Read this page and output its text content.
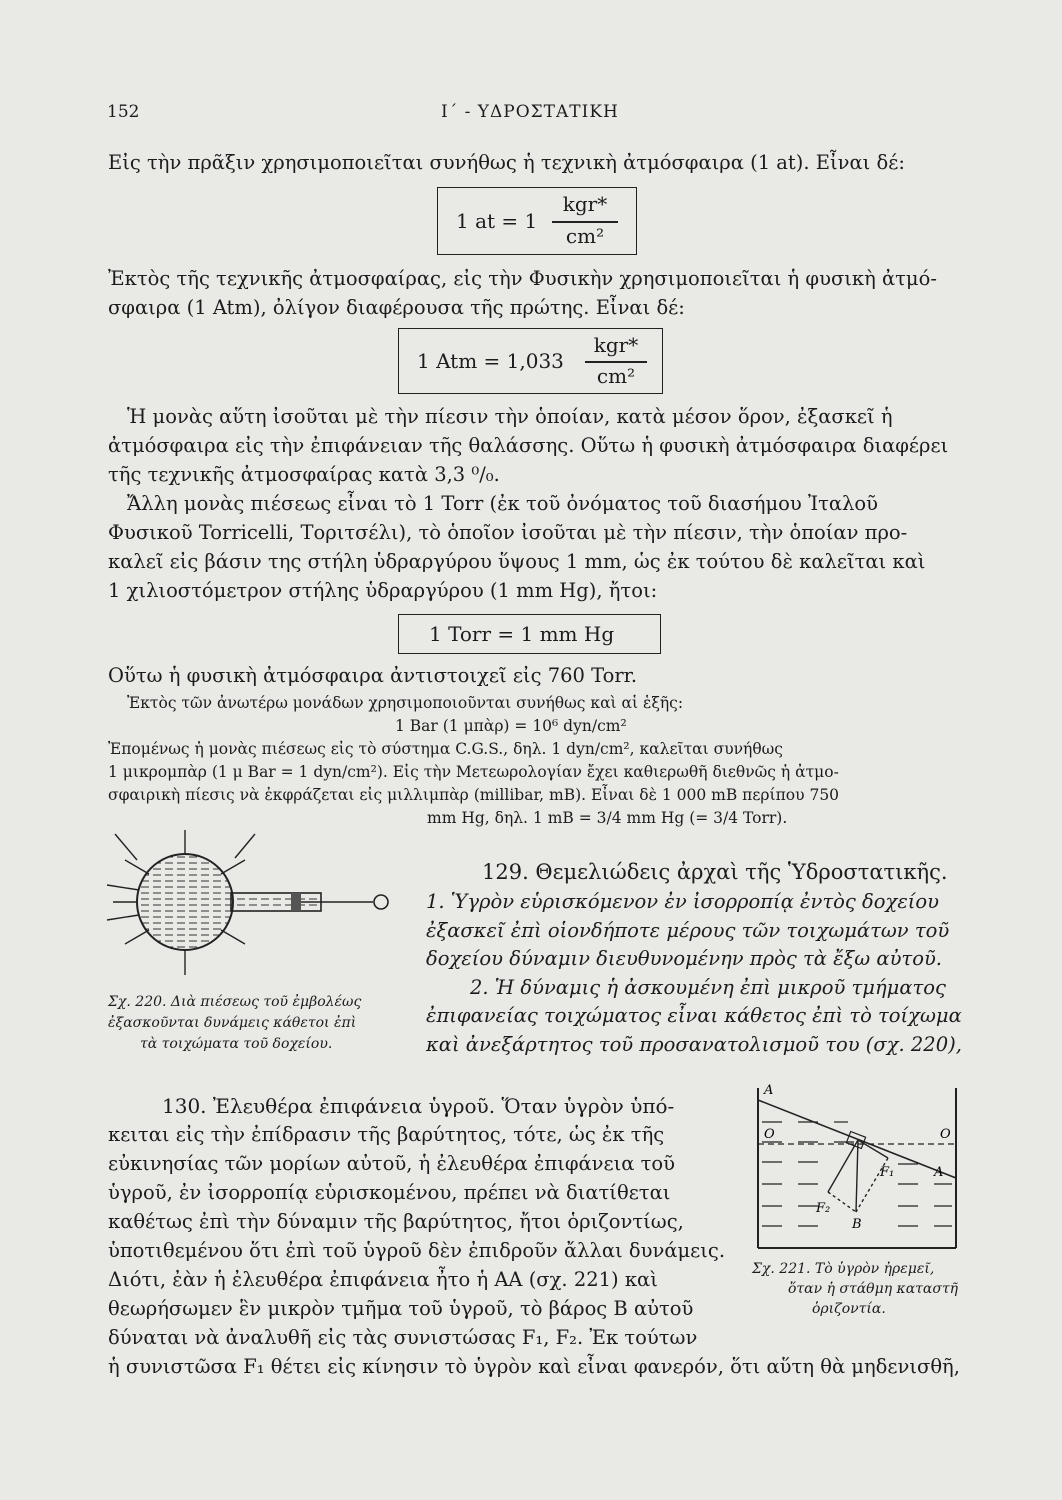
152	Ι΄ - ΥΔΡΟΣΤΑΤΙΚΗ
Εἰς τὴν πρᾶξιν χρησιμοποιεῖται συνήθως ἡ τεχνικὴ ἀτμόσφαιρα (1 at). Εἶναι δέ:
1 at = 1
kgr*
cm²
Ἐκτὸς τῆς τεχνικῆς ἀτμοσφαίρας, εἰς τὴν Φυσικὴν χρησιμοποιεῖται ἡ φυσικὴ ἀτμό-
σφαιρα (1 Atm), ὀλίγον διαφέρουσα τῆς πρώτης. Εἶναι δέ:
1 Atm = 1,033
kgr*
cm²
Ἡ μονὰς αὕτη ἰσοῦται μὲ τὴν πίεσιν τὴν ὁποίαν, κατὰ μέσον ὅρον, ἐξασκεῖ ἡ
ἀτμόσφαιρα εἰς τὴν ἐπιφάνειαν τῆς θαλάσσης. Οὕτω ἡ φυσικὴ ἀτμόσφαιρα διαφέρει
τῆς τεχνικῆς ἀτμοσφαίρας κατὰ 3,3 ⁰/₀.
Ἄλλη μονὰς πιέσεως εἶναι τὸ 1 Torr (ἐκ τοῦ ὀνόματος τοῦ διασήμου Ἰταλοῦ
Φυσικοῦ Torricelli, Τοριτσέλι), τὸ ὁποῖον ἰσοῦται μὲ τὴν πίεσιν, τὴν ὁποίαν προ-
καλεῖ εἰς βάσιν της στήλη ὑδραργύρου ὕψους 1 mm, ὡς ἐκ τούτου δὲ καλεῖται καὶ
1 χιλιοστόμετρον στήλης ὑδραργύρου (1 mm Hg), ἤτοι:
1 Torr = 1 mm Hg
Οὕτω ἡ φυσικὴ ἀτμόσφαιρα ἀντιστοιχεῖ εἰς 760 Torr.
Ἐκτὸς τῶν ἀνωτέρω μονάδων χρησιμοποιοῦνται συνήθως καὶ αἱ ἑξῆς:
1 Bar (1 μπὰρ) = 10⁶ dyn/cm²
Ἐπομένως ἡ μονὰς πιέσεως εἰς τὸ σύστημα C.G.S., δηλ. 1 dyn/cm², καλεῖται συνήθως
1 μικρομπὰρ (1 μ Bar = 1 dyn/cm²). Εἰς τὴν Μετεωρολογίαν ἔχει καθιερωθῆ διεθνῶς ἡ ἀτμο-
σφαιρικὴ πίεσις νὰ ἐκφράζεται εἰς μιλλιμπὰρ (millibar, mB). Εἶναι δὲ 1 000 mB περίπου 750
mm Hg, δηλ. 1 mB = 3/4 mm Hg (= 3/4 Torr).
Σχ. 220. Διὰ πιέσεως τοῦ ἐμβολέως
ἐξασκοῦνται δυνάμεις κάθετοι ἐπὶ
τὰ τοιχώματα τοῦ δοχείου.
129. Θεμελιώδεις ἀρχαὶ τῆς Ὑδροστατικῆς.
1. Ὑγρὸν εὑρισκόμενον ἐν ἰσορροπίᾳ ἐντὸς δοχείου
ἐξασκεῖ ἐπὶ οἱονδήποτε μέρους τῶν τοιχωμάτων τοῦ
δοχείου δύναμιν διευθυνομένην πρὸς τὰ ἔξω αὐτοῦ.
2. Ἡ δύναμις ἡ ἀσκουμένη ἐπὶ μικροῦ τμήματος
ἐπιφανείας τοιχώματος εἶναι κάθετος ἐπὶ τὸ τοίχωμα
καὶ ἀνεξάρτητος τοῦ προσανατολισμοῦ του (σχ. 220),
130. Ἐλευθέρα ἐπιφάνεια ὑγροῦ. Ὅταν ὑγρὸν ὑπό-
κειται εἰς τὴν ἐπίδρασιν τῆς βαρύτητος, τότε, ὡς ἐκ τῆς
εὐκινησίας τῶν μορίων αὐτοῦ, ἡ ἐλευθέρα ἐπιφάνεια τοῦ
ὑγροῦ, ἐν ἰσορροπίᾳ εὑρισκομένου, πρέπει νὰ διατίθεται
καθέτως ἐπὶ τὴν δύναμιν τῆς βαρύτητος, ἤτοι ὁριζοντίως,
ὑποτιθεμένου ὅτι ἐπὶ τοῦ ὑγροῦ δὲν ἐπιδροῦν ἄλλαι δυνάμεις.
Διότι, ἐὰν ἡ ἐλευθέρα ἐπιφάνεια ἦτο ἡ ΑΑ (σχ. 221) καὶ
θεωρήσωμεν ἓν μικρὸν τμῆμα τοῦ ὑγροῦ, τὸ βάρος Β αὐτοῦ
δύναται νὰ ἀναλυθῆ εἰς τὰς συνιστώσας F₁, F₂. Ἐκ τούτων
ἡ συνιστῶσα F₁ θέτει εἰς κίνησιν τὸ ὑγρὸν καὶ εἶναι φανερόν, ὅτι αὕτη θὰ μηδενισθῆ,
A
O	O
A
F₁
F₂
B
Σχ. 221. Τὸ ὑγρὸν ἠρεμεῖ,
ὅταν ἡ στάθμη καταστῆ
ὁριζοντία.
